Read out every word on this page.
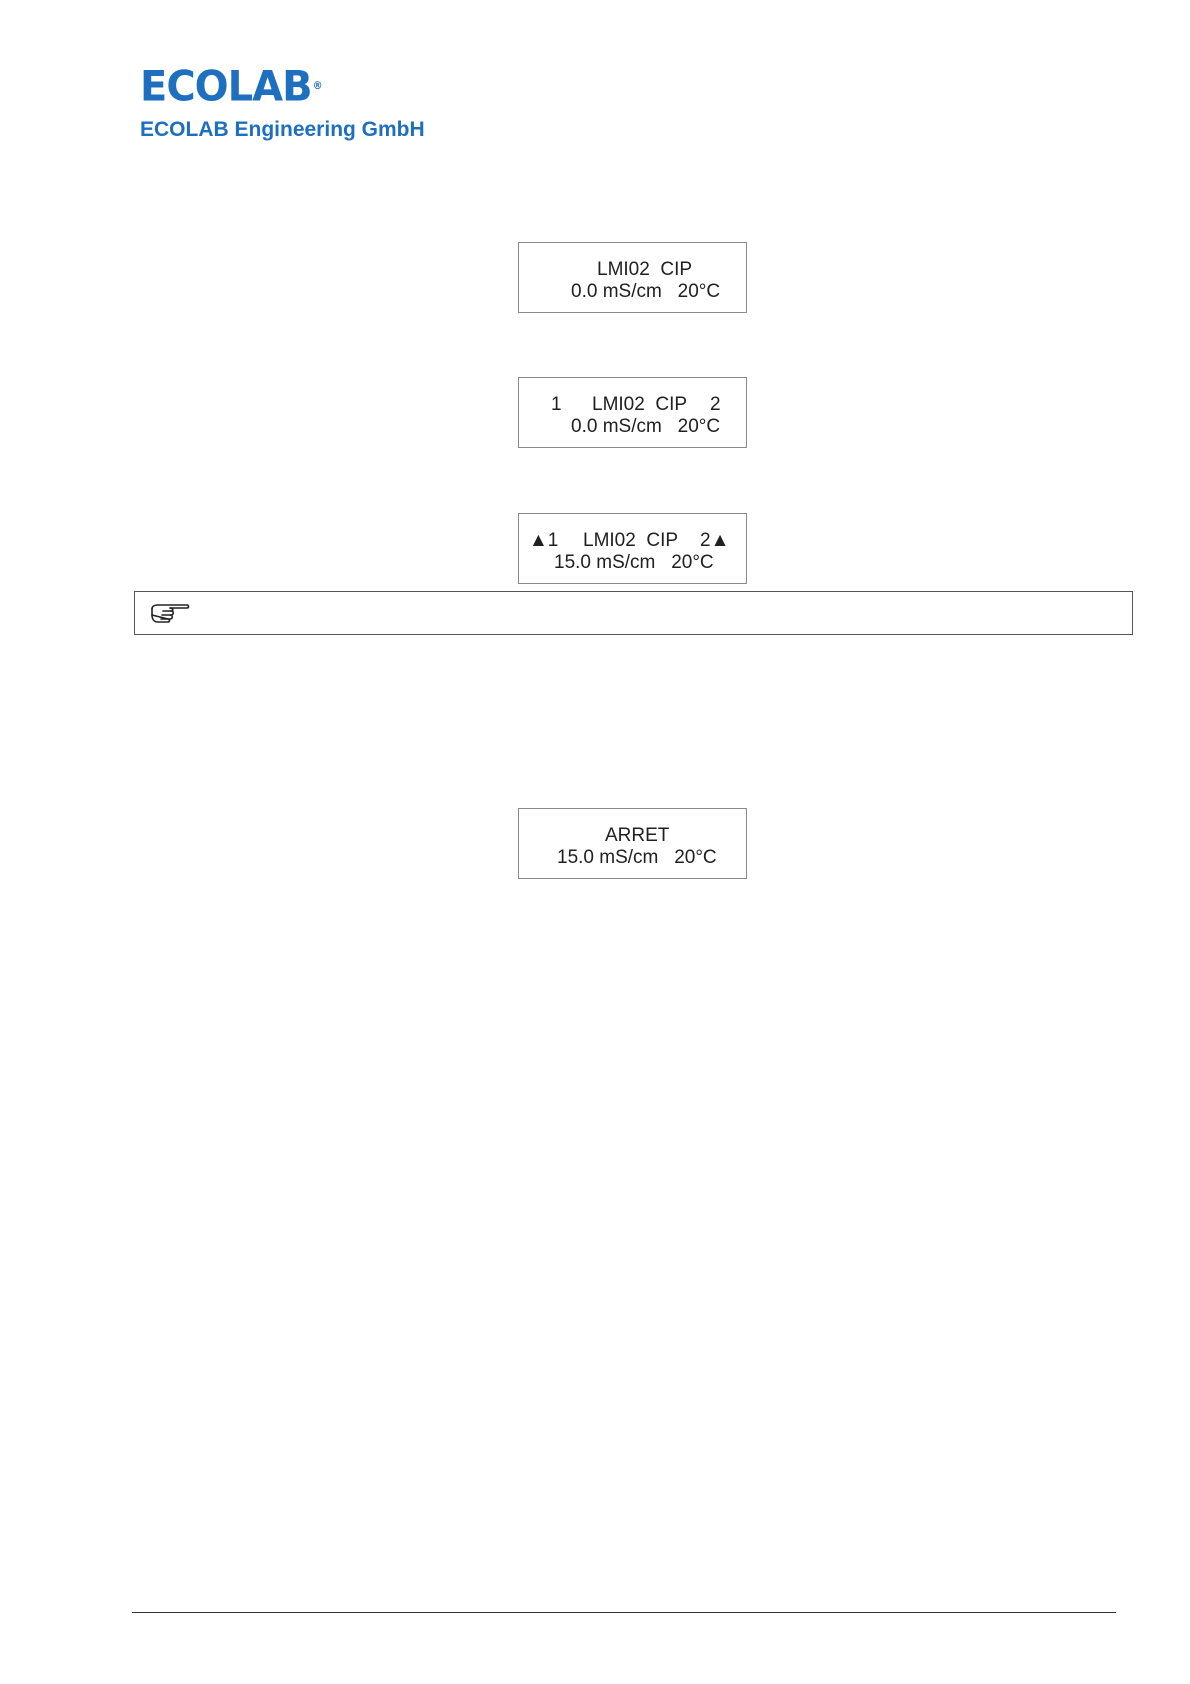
ECOLAB®
ECOLAB Engineering GmbH
LMI02  CIP
0.0 mS/cm   20°C
1 LMI02  CIP 2
0.0 mS/cm   20°C
▲1 LMI02  CIP 2▲
15.0 mS/cm   20°C
ARRET
15.0 mS/cm   20°C
